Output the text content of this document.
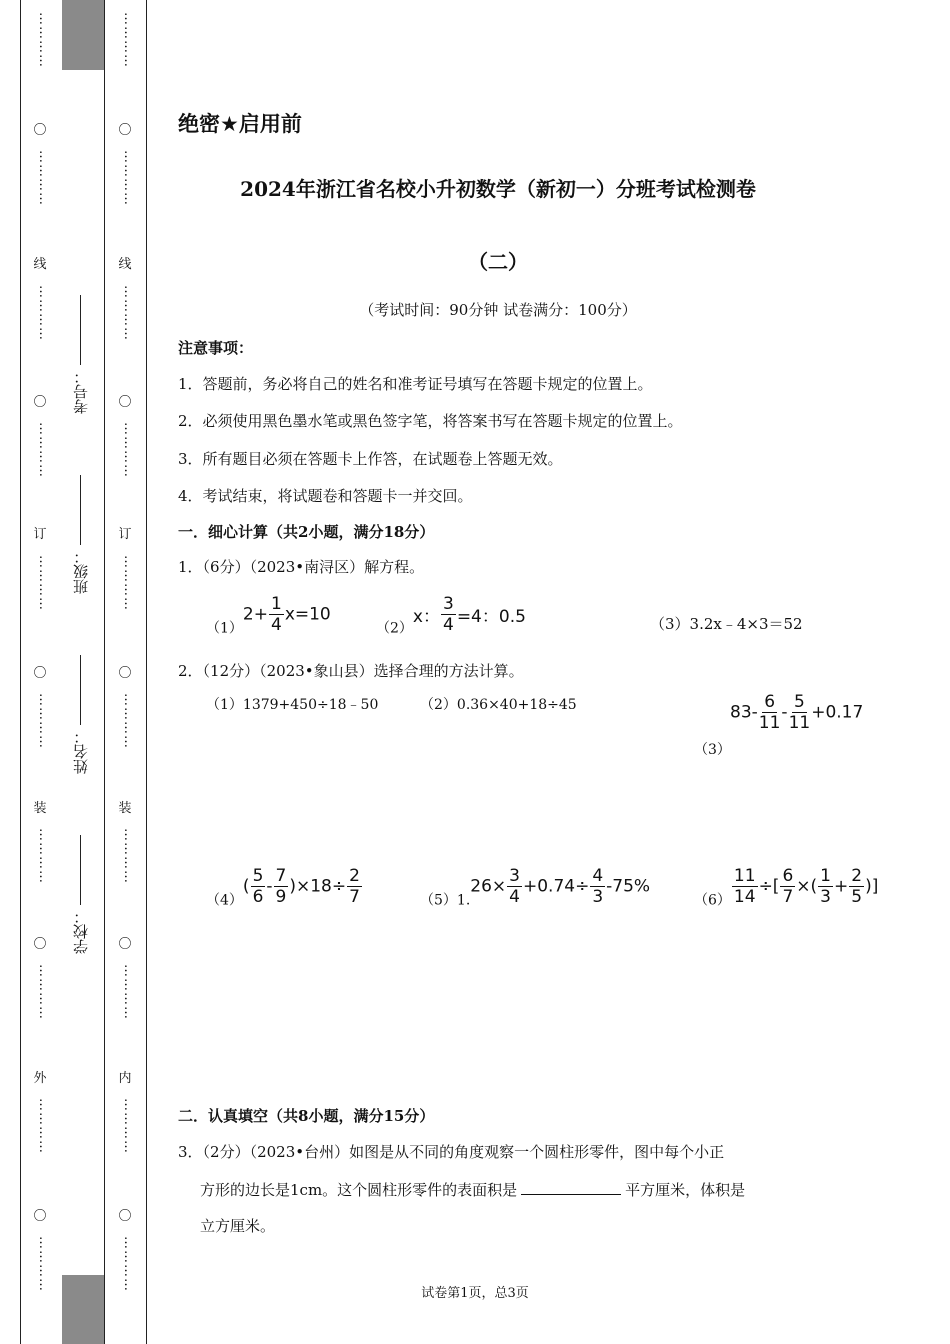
…………
〇
…………
线
…………
〇
…………
订
…………
〇
…………
装
…………
〇
…………
外
…………
〇
…………
学校：
姓名：
班级：
考号：
…………
〇
…………
线
…………
〇
…………
订
…………
〇
…………
装
…………
〇
…………
内
…………
〇
…………
绝密★启用前
2024年浙江省名校小升初数学（新初一）分班考试检测卷
（二）
（考试时间：90分钟 试卷满分：100分）
注意事项：
1．答题前，务必将自己的姓名和准考证号填写在答题卡规定的位置上。
2．必须使用黑色墨水笔或黑色签字笔，将答案书写在答题卡规定的位置上。
3．所有题目必须在答题卡上作答，在试题卷上答题无效。
4．考试结束，将试题卷和答题卡一并交回。
一．细心计算（共2小题，满分18分）
1．（6分）（2023•南浔区）解方程。
$(1)2+ \frac{1}{4} x=10$
（2）x： $\frac{3}{4} =4$：0.5	（3）3.2x﹣4×3＝52
2．（12分）（2023•象山县）选择合理的方法计算。
（1）1379+450÷18﹣50	（2）0.36×40+18÷45	$83- \frac{6}{11} - \frac{5}{11} +0.17$
（3）
$(4)( \frac{5}{6} - \frac{7}{9} )\times 18\div \frac{2}{7}$	$(5)1.26\times \frac{3}{4} +0.74\div \frac{4}{3} -75\%$
$(6) \frac{11}{14}$ ÷[ $\frac{6}{7}$ ×( $\frac{1}{3} + \frac{2}{5}$ )]
二．认真填空（共8小题，满分15分）
3．（2分）（2023•台州）如图是从不同的角度观察一个圆柱形零件，图中每个小正
方形的边长是1cm。这个圆柱形零件的表面积是	平方厘米，体积是
立方厘米。
试卷第1页，总3页
